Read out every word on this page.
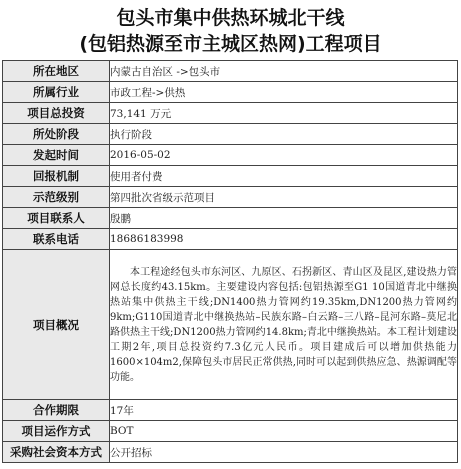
包头市集中供热环城北干线
(包铝热源至市主城区热网)工程项目
所在地区	内蒙古自治区 ->包头市
所属行业	市政工程->供热
项目总投资	73,141 万元
所处阶段	执行阶段
发起时间	2016-05-02
回报机制	使用者付费
示范级别	第四批次省级示范项目
项目联系人	殷鹏
联系电话	18686183998
项目概况	本工程途经包头市东河区、九原区、石拐新区、青山区及昆区,建设热力管网总长度约43.15km。主要建设内容包括:包铝热源至G1 10国道青北中继换热站集中供热主干线;DN1400热力管网约19.35km,DN1200热力管网约9km;G110国道青北中继换热站–民族东路–白云路–三八路–昆河东路–莫尼北路供热主干线;DN1200热力管网约14.8km;青北中继换热站。本工程计划建设工期2年,项目总投资约7.3亿元人民币。项目建成后可以增加供热能力1600×104m2,保障包头市居民正常供热,同时可以起到供热应急、热源调配等功能。

合作期限	17年
项目运作方式	BOT
采购社会资本方式	公开招标
